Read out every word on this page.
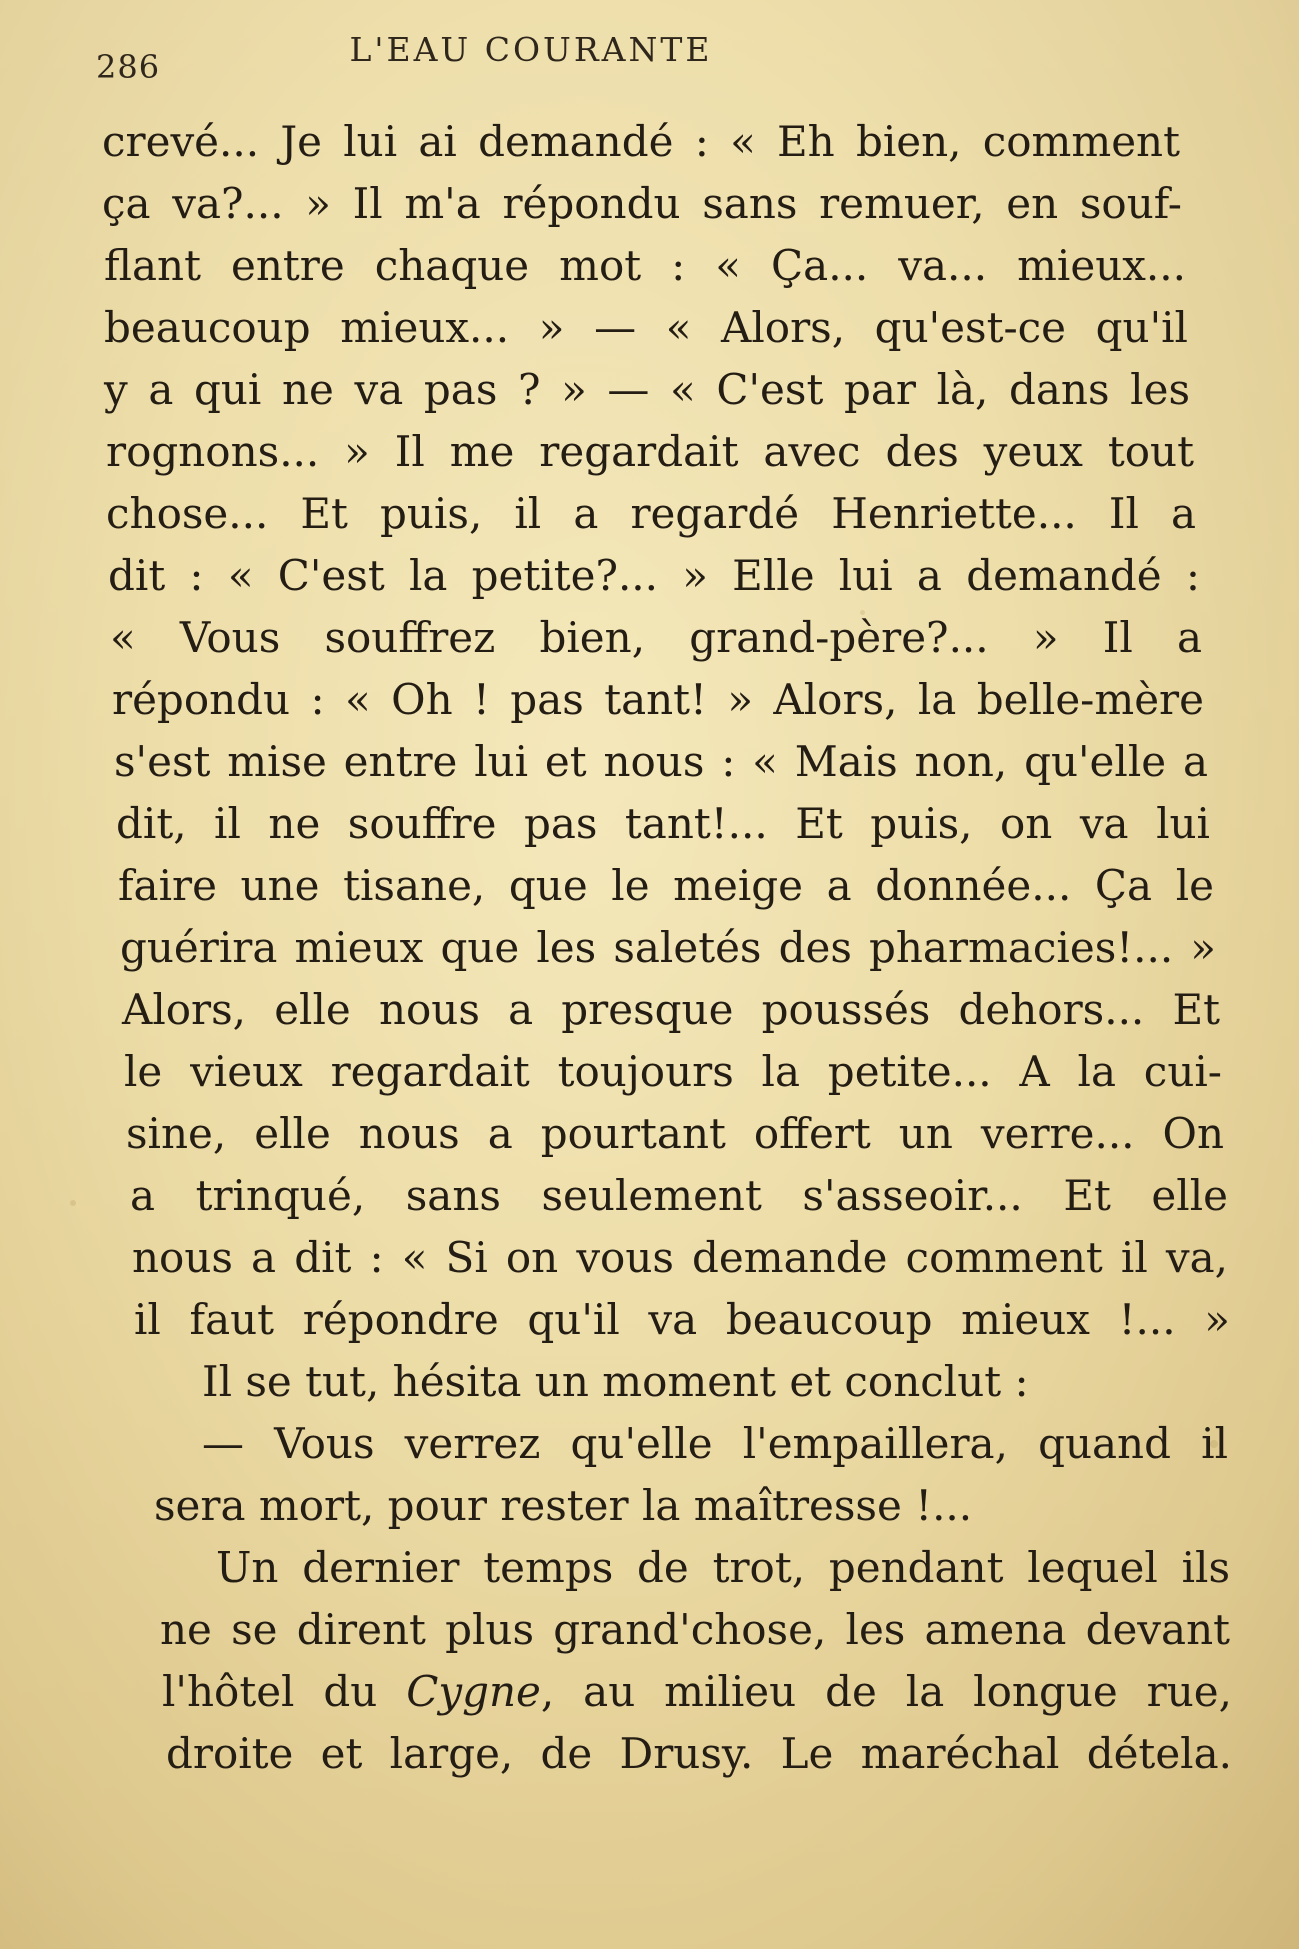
286	L'EAU COURANTE
crevé... Je lui ai demandé : « Eh bien, comment
ça va?... » Il m'a répondu sans remuer, en souf-
flant entre chaque mot : « Ça... va... mieux...
beaucoup mieux... » — « Alors, qu'est-ce qu'il
y a qui ne va pas ? » — « C'est par là, dans les
rognons... » Il me regardait avec des yeux tout
chose... Et puis, il a regardé Henriette... Il a
dit : « C'est la petite?... » Elle lui a demandé :
« Vous souffrez bien, grand-père?... » Il a
répondu : « Oh ! pas tant! » Alors, la belle-mère
s'est mise entre lui et nous : « Mais non, qu'elle a
dit, il ne souffre pas tant!... Et puis, on va lui
faire une tisane, que le meige a donnée... Ça le
guérira mieux que les saletés des pharmacies!... »
Alors, elle nous a presque poussés dehors... Et
le vieux regardait toujours la petite... A la cui-
sine, elle nous a pourtant offert un verre... On
a trinqué, sans seulement s'asseoir... Et elle
nous a dit : « Si on vous demande comment il va,
il faut répondre qu'il va beaucoup mieux !... »
Il se tut, hésita un moment et conclut :
— Vous verrez qu'elle l'empaillera, quand il
sera mort, pour rester la maîtresse !...
Un dernier temps de trot, pendant lequel ils
ne se dirent plus grand'chose, les amena devant
l'hôtel du Cygne, au milieu de la longue rue,
droite et large, de Drusy. Le maréchal détela.
